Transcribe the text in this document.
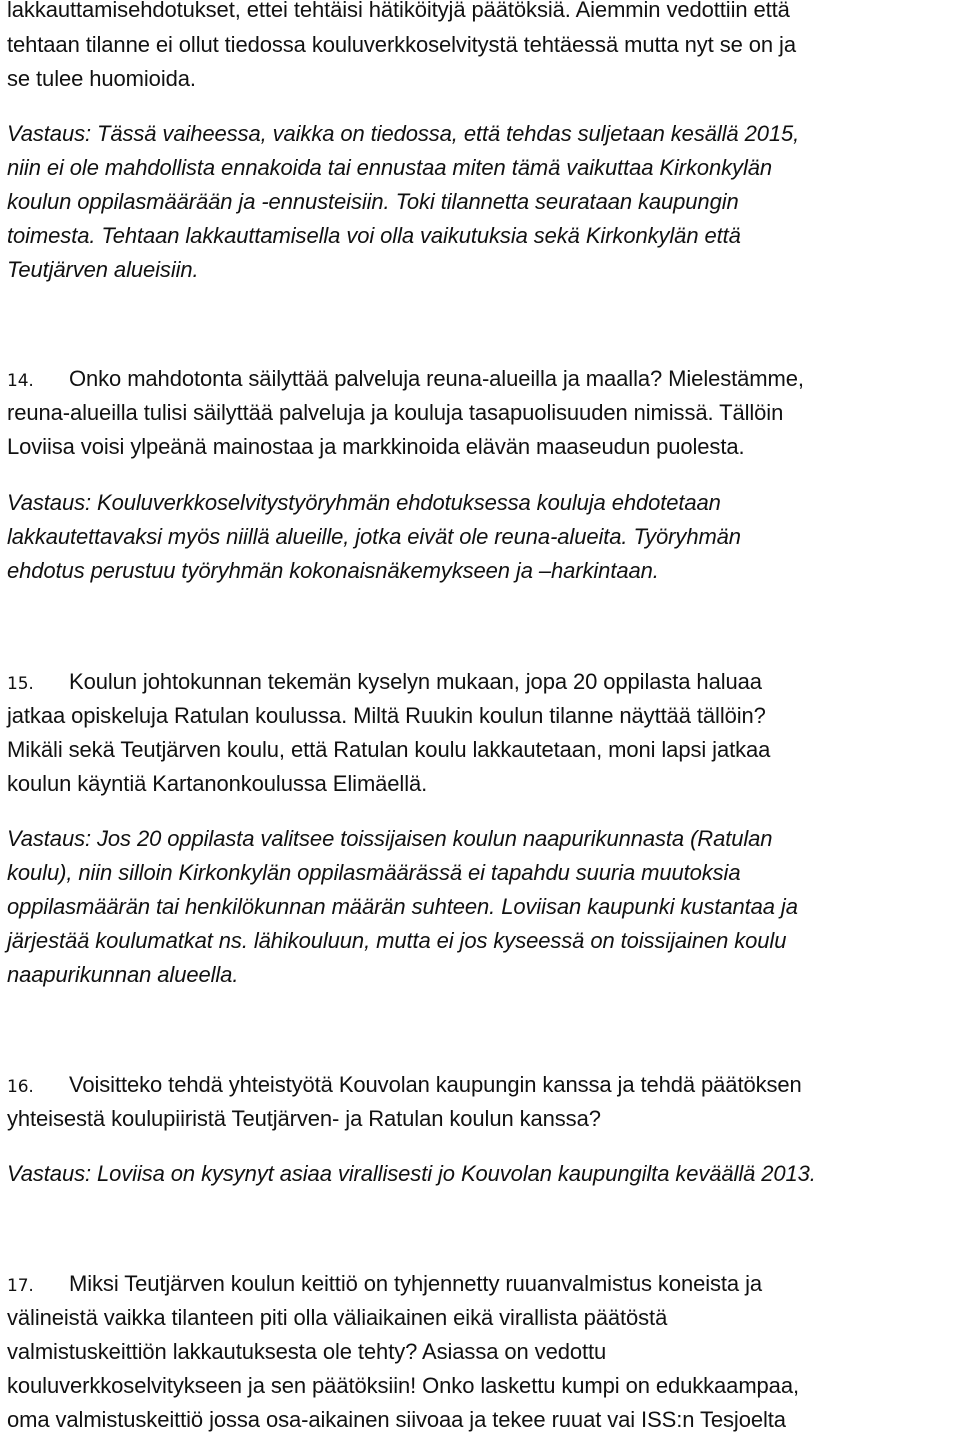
lakkauttamisehdotukset, ettei tehtäisi hätiköityjä päätöksiä. Aiemmin vedottiin että
tehtaan tilanne ei ollut tiedossa kouluverkkoselvitystä tehtäessä mutta nyt se on ja
se tulee huomioida.
Vastaus: Tässä vaiheessa, vaikka on tiedossa, että tehdas suljetaan kesällä 2015,
niin ei ole mahdollista ennakoida tai ennustaa miten tämä vaikuttaa Kirkonkylän
koulun oppilasmäärään ja -ennusteisiin. Toki tilannetta seurataan kaupungin
toimesta. Tehtaan lakkauttamisella voi olla vaikutuksia sekä Kirkonkylän että
Teutjärven alueisiin.
14. Onko mahdotonta säilyttää palveluja reuna-alueilla ja maalla? Mielestämme,
reuna-alueilla tulisi säilyttää palveluja ja kouluja tasapuolisuuden nimissä. Tällöin
Loviisa voisi ylpeänä mainostaa ja markkinoida elävän maaseudun puolesta.
Vastaus: Kouluverkkoselvitystyöryhmän ehdotuksessa kouluja ehdotetaan
lakkautettavaksi myös niillä alueille, jotka eivät ole reuna-alueita. Työryhmän
ehdotus perustuu työryhmän kokonaisnäkemykseen ja –harkintaan.
15. Koulun johtokunnan tekemän kyselyn mukaan, jopa 20 oppilasta haluaa
jatkaa opiskeluja Ratulan koulussa. Miltä Ruukin koulun tilanne näyttää tällöin?
Mikäli sekä Teutjärven koulu, että Ratulan koulu lakkautetaan, moni lapsi jatkaa
koulun käyntiä Kartanonkoulussa Elimäellä.
Vastaus: Jos 20 oppilasta valitsee toissijaisen koulun naapurikunnasta (Ratulan
koulu), niin silloin Kirkonkylän oppilasmäärässä ei tapahdu suuria muutoksia
oppilasmäärän tai henkilökunnan määrän suhteen. Loviisan kaupunki kustantaa ja
järjestää koulumatkat ns. lähikouluun, mutta ei jos kyseessä on toissijainen koulu
naapurikunnan alueella.
16. Voisitteko tehdä yhteistyötä Kouvolan kaupungin kanssa ja tehdä päätöksen
yhteisestä koulupiiristä Teutjärven- ja Ratulan koulun kanssa?
Vastaus: Loviisa on kysynyt asiaa virallisesti jo Kouvolan kaupungilta keväällä 2013.
17. Miksi Teutjärven koulun keittiö on tyhjennetty ruuanvalmistus koneista ja
välineistä vaikka tilanteen piti olla väliaikainen eikä virallista päätöstä
valmistuskeittiön lakkautuksesta ole tehty? Asiassa on vedottu
kouluverkkoselvitykseen ja sen päätöksiin! Onko laskettu kumpi on edukkaampaa,
oma valmistuskeittiö jossa osa-aikainen siivoaa ja tekee ruuat vai ISS:n Tesjoelta
